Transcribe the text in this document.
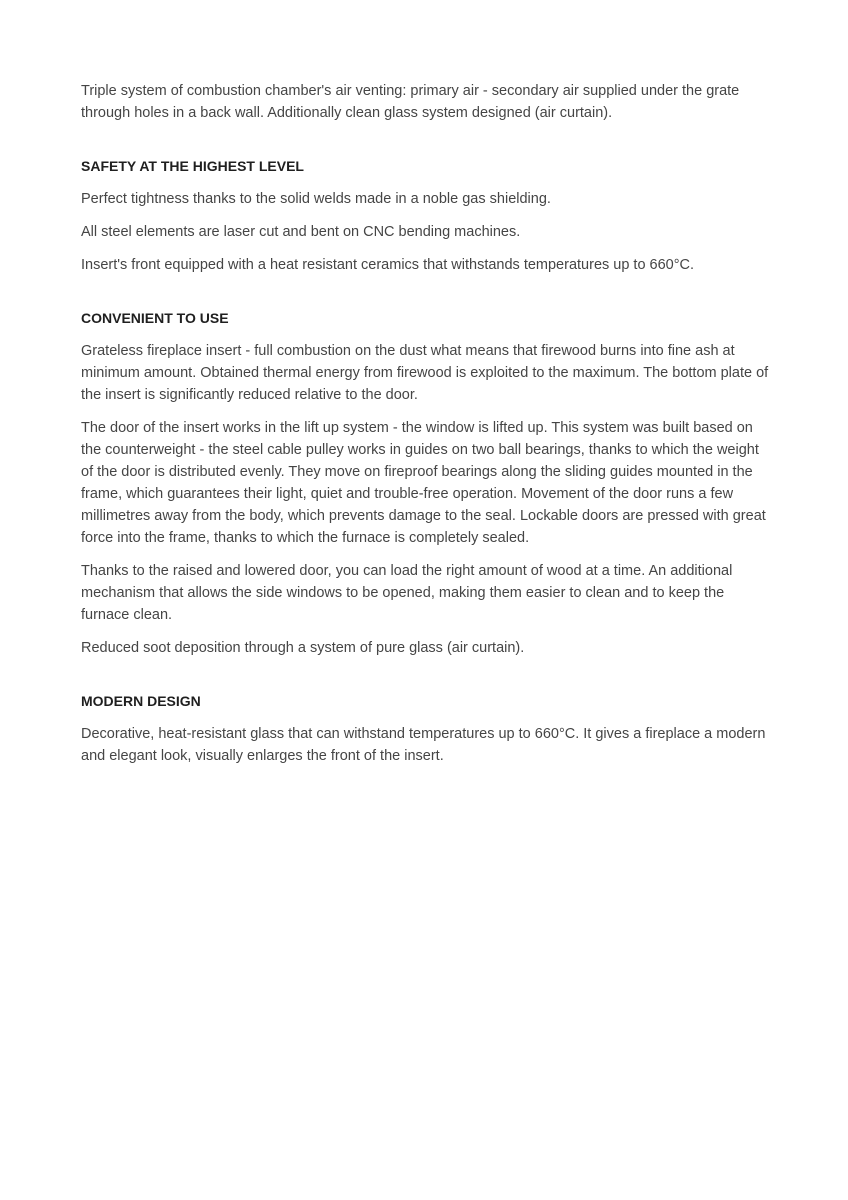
Triple system of combustion chamber's air venting: primary air - secondary air supplied under the grate through holes in a back wall. Additionally clean glass system designed (air curtain).

SAFETY AT THE HIGHEST LEVEL

Perfect tightness thanks to the solid welds made in a noble gas shielding.

All steel elements are laser cut and bent on CNC bending machines.

Insert's front equipped with a heat resistant ceramics that withstands temperatures up to 660°C.

CONVENIENT TO USE

Grateless fireplace insert - full combustion on the dust what means that firewood burns into fine ash at minimum amount. Obtained thermal energy from firewood is exploited to the maximum. The bottom plate of the insert is significantly reduced relative to the door.

The door of the insert works in the lift up system - the window is lifted up. This system was built based on the counterweight - the steel cable pulley works in guides on two ball bearings, thanks to which the weight of the door is distributed evenly. They move on fireproof bearings along the sliding guides mounted in the frame, which guarantees their light, quiet and trouble-free operation. Movement of the door runs a few millimetres away from the body, which prevents damage to the seal. Lockable doors are pressed with great force into the frame, thanks to which the furnace is completely sealed.

Thanks to the raised and lowered door, you can load the right amount of wood at a time. An additional mechanism that allows the side windows to be opened, making them easier to clean and to keep the furnace clean.

Reduced soot deposition through a system of pure glass (air curtain).

MODERN DESIGN

Decorative, heat-resistant glass that can withstand temperatures up to 660°C. It gives a fireplace a modern and elegant look, visually enlarges the front of the insert.
